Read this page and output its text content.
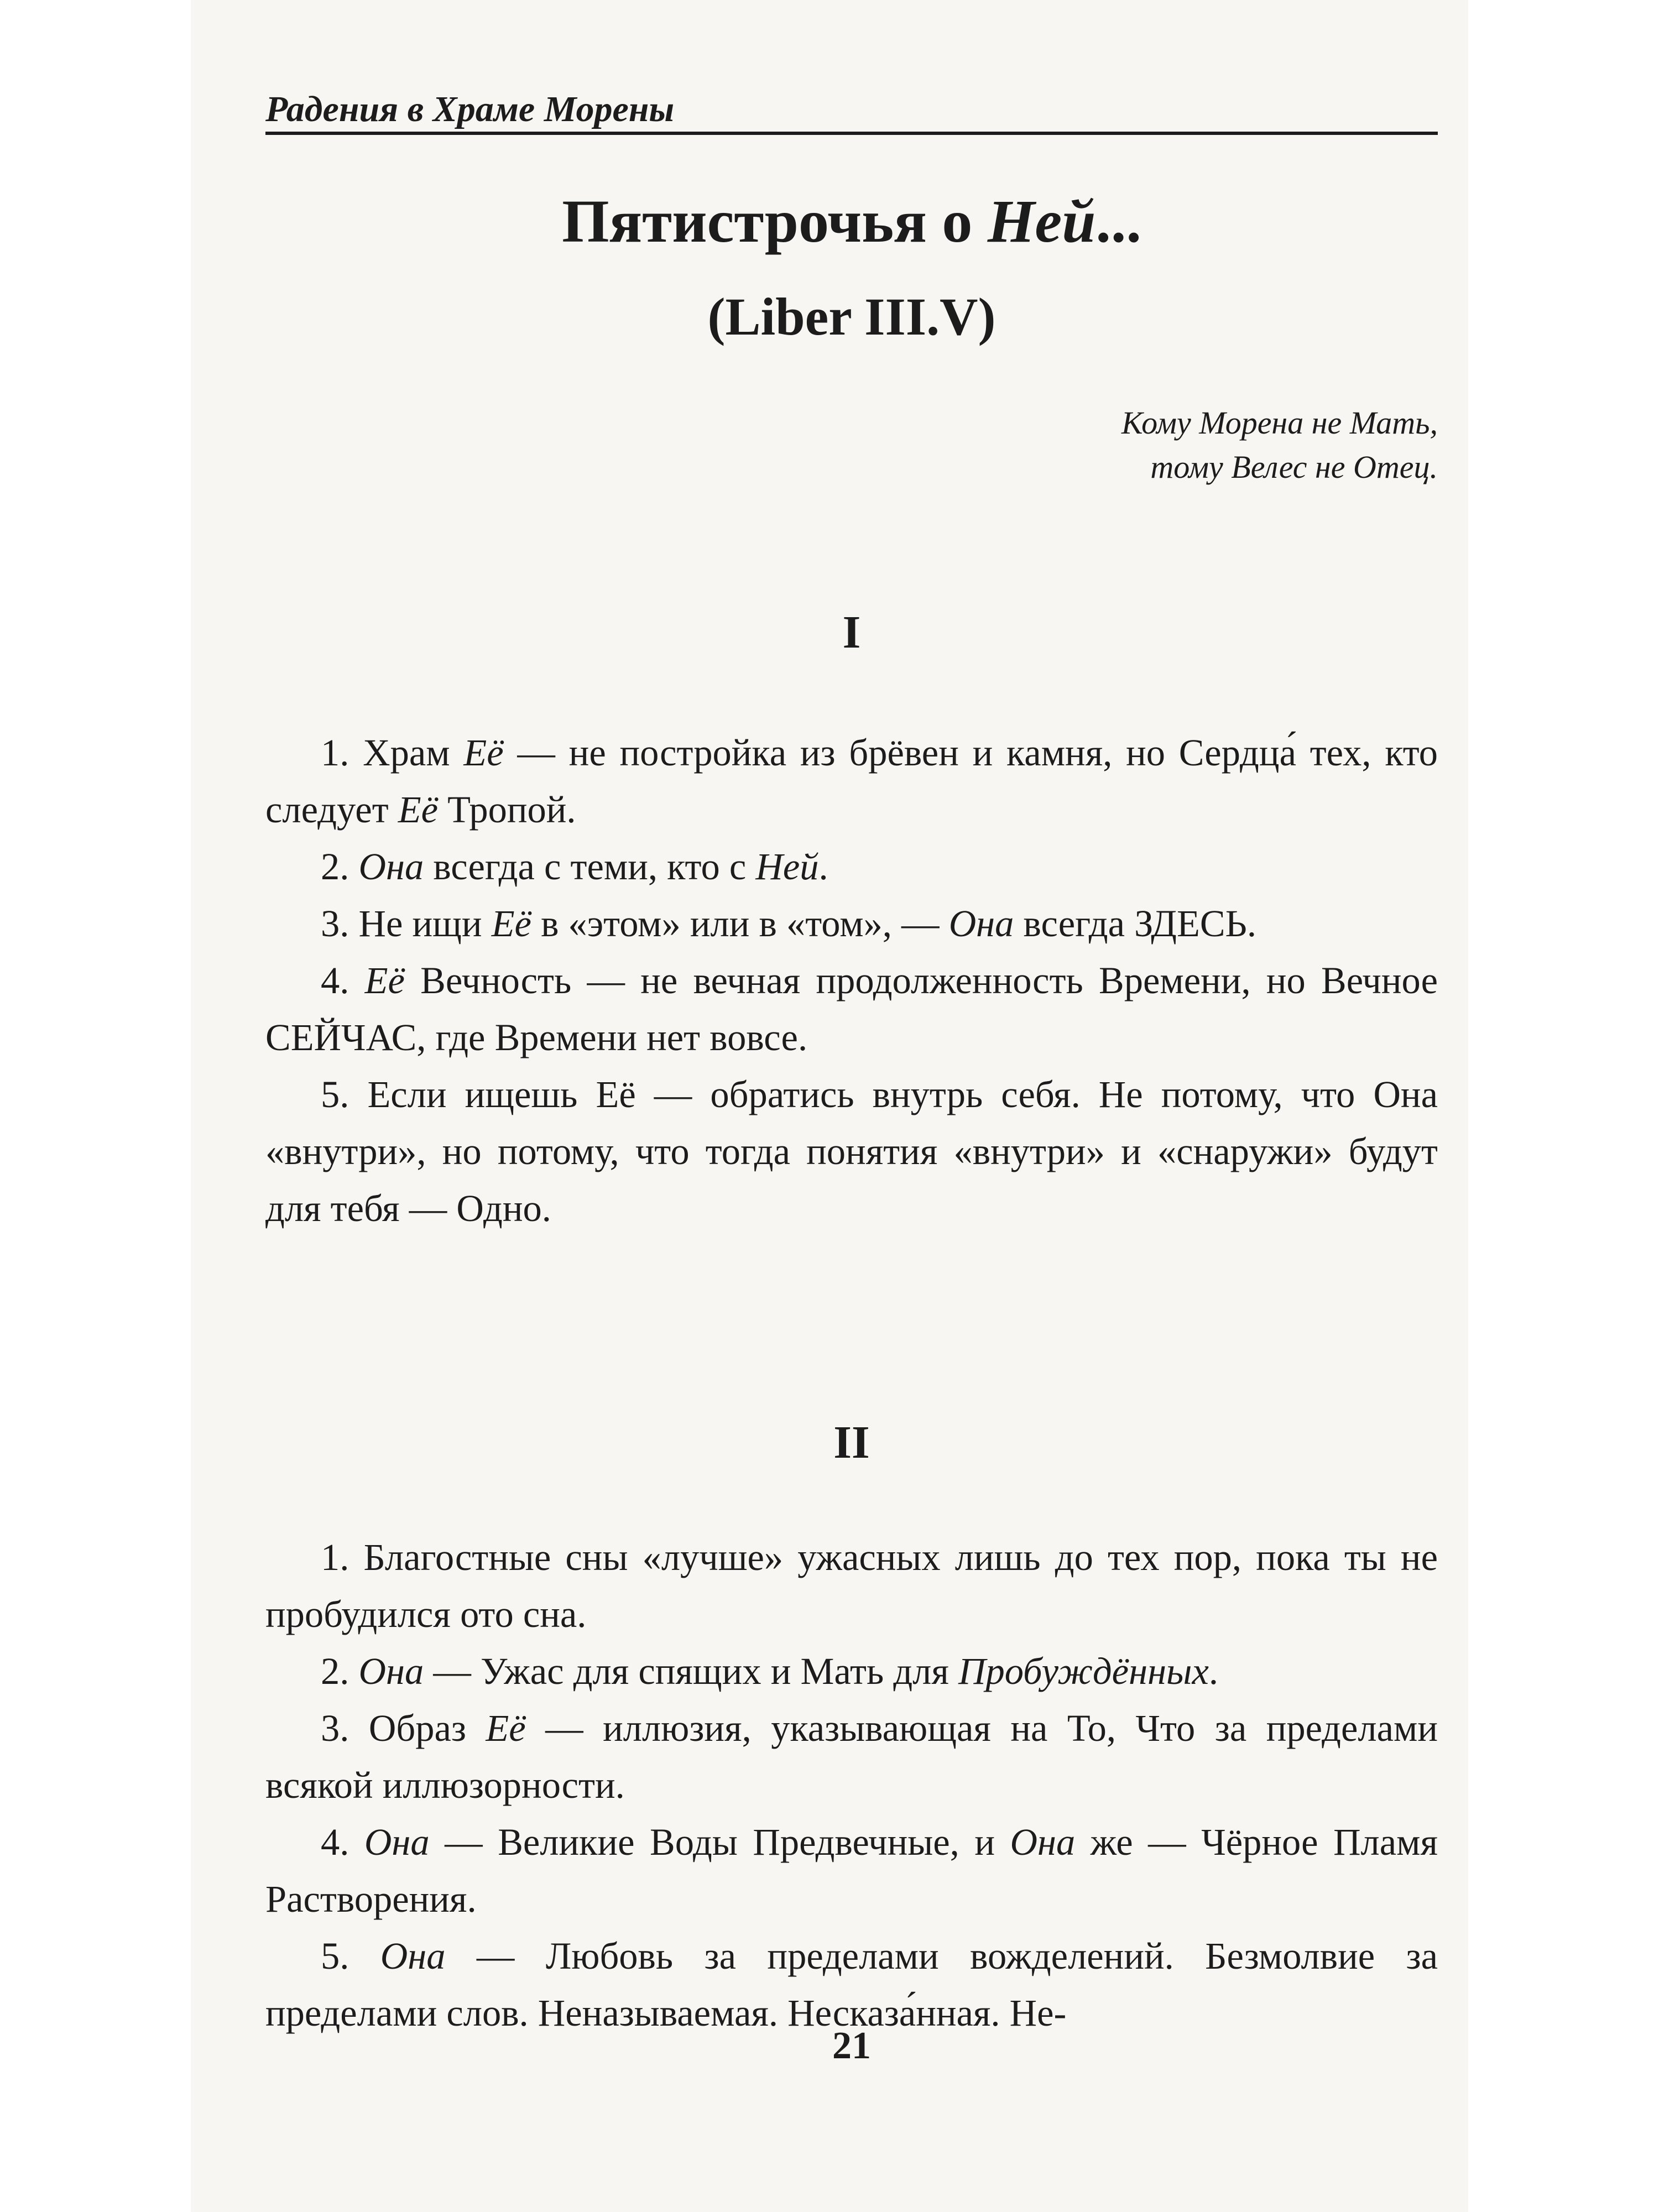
Радения в Храме Морены
Пятистрочья о Ней...
(Liber III.V)
Кому Морена не Мать,
тому Велес не Отец.
I

1. Храм Её — не постройка из брёвен и камня, но Сердца́ тех, кто следует Её Тропой.

2. Она всегда с теми, кто с Ней.

3. Не ищи Её в «этом» или в «том», — Она всегда ЗДЕСЬ.

4. Её Вечность — не вечная продолженность Времени, но Вечное СЕЙЧАС, где Времени нет вовсе.

5. Если ищешь Её — обратись внутрь себя. Не потому, что Она «внутри», но потому, что тогда понятия «внутри» и «снаружи» будут для тебя — Одно.

II

1. Благостные сны «лучше» ужасных лишь до тех пор, пока ты не пробудился ото сна.

2. Она — Ужас для спящих и Мать для Пробуждённых.

3. Образ Её — иллюзия, указывающая на То, Что за пределами всякой иллюзорности.

4. Она — Великие Воды Предвечные, и Она же — Чёрное Пламя Растворения.

5. Она — Любовь за пределами вожделений. Безмолвие за пределами слов. Неназываемая. Несказа́нная. Не-

21
